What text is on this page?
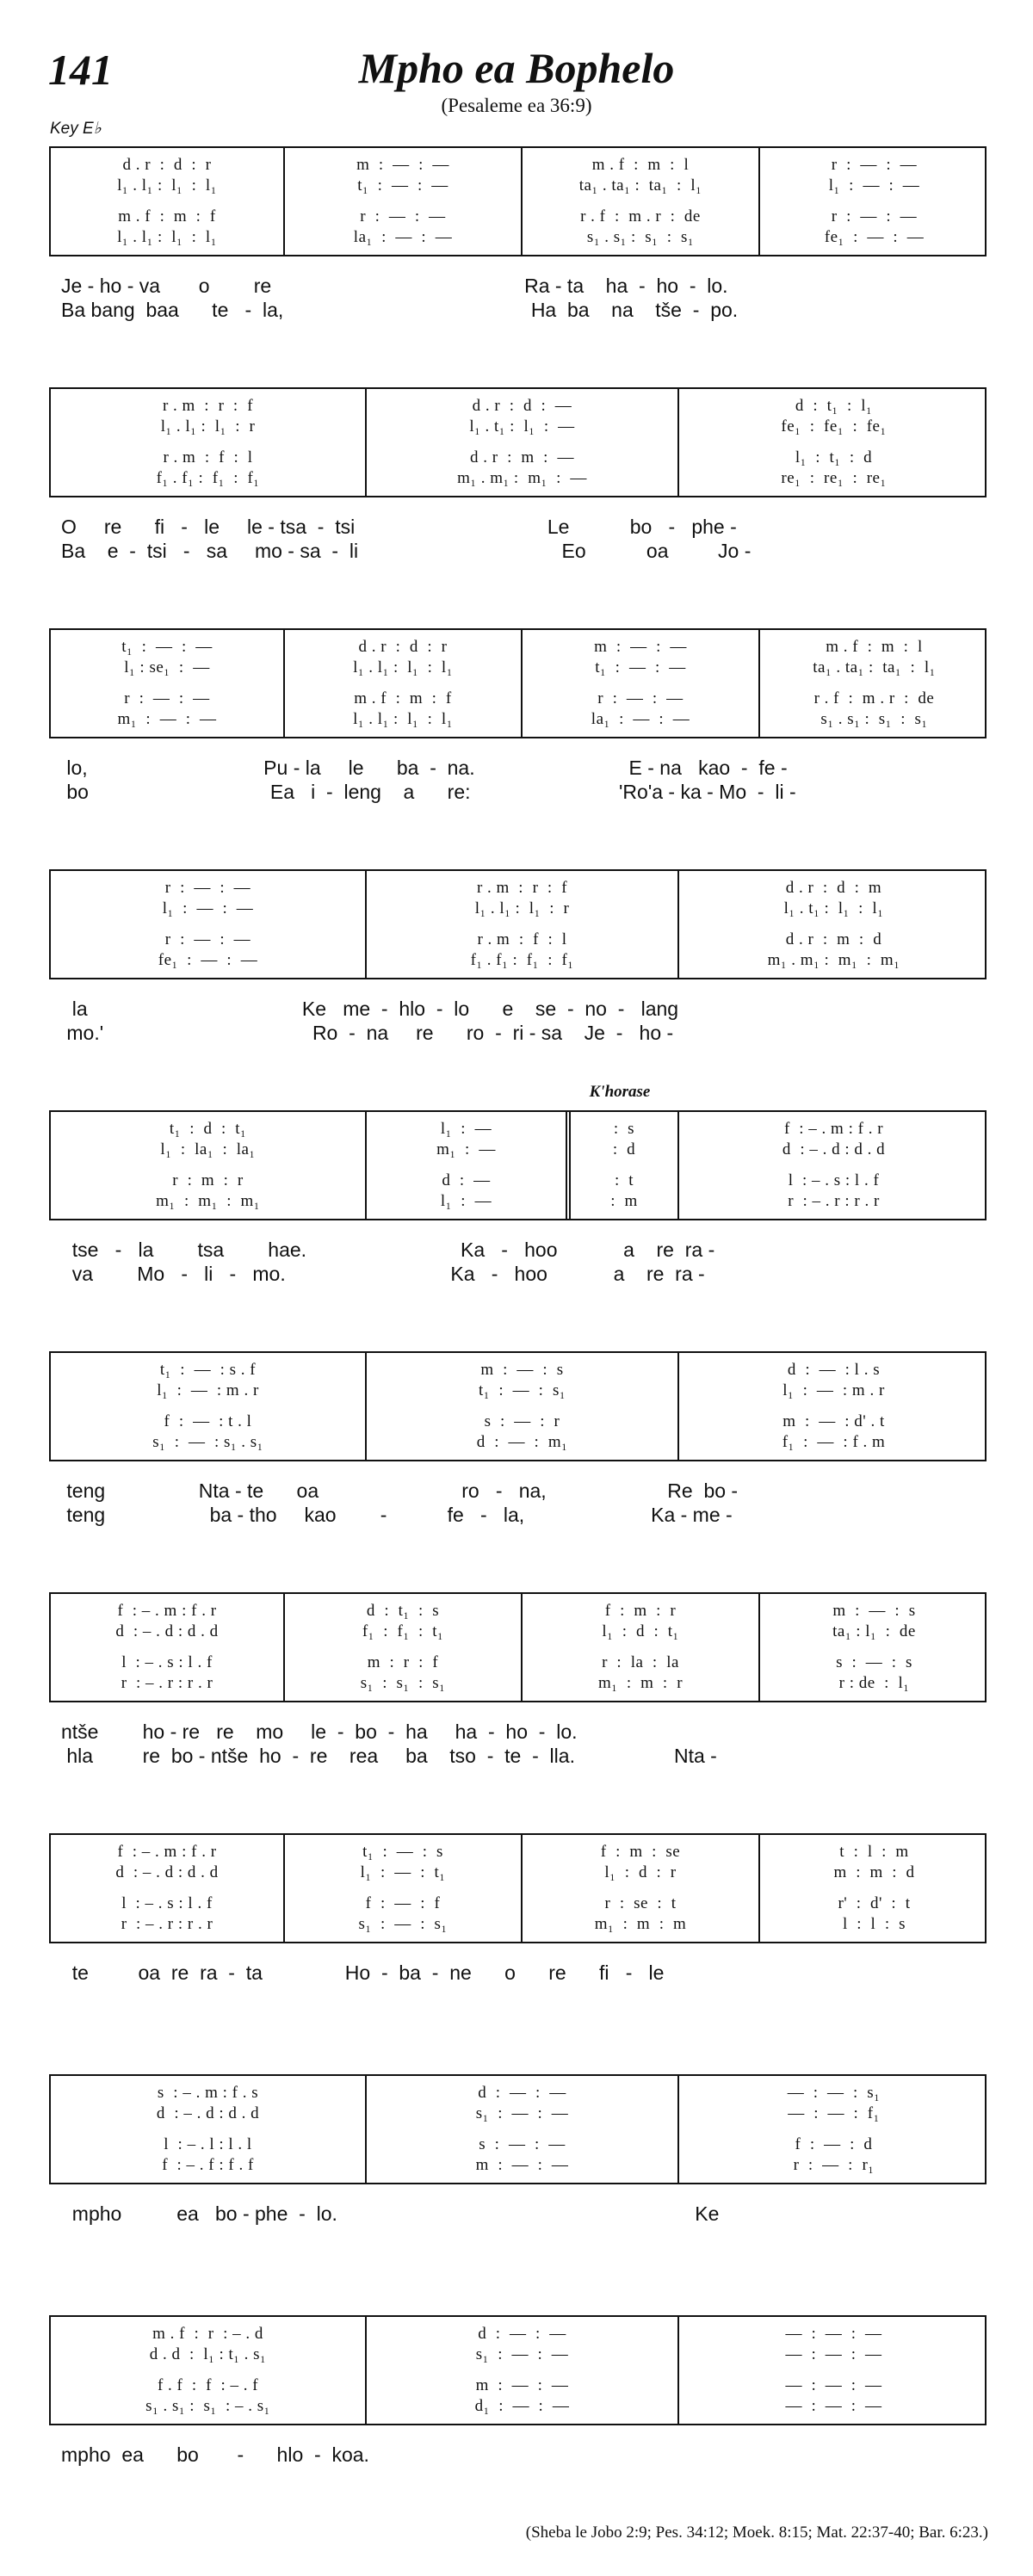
141	Mpho ea Bophelo
(Pesaleme ea 36:9)
Key E♭
K'horase
d . r  :  d  :  r
l₁ . l₁ :  l₁  :  l₁
m . f  :  m  :  f
l₁ . l₁ :  l₁  :  l₁
m  :  —  :  —
t₁  :  —  :  —
r  :  —  :  —
la₁  :  —  :  —
m . f  :  m  :  l
ta₁ . ta₁ :  ta₁  :  l₁
r . f  :  m . r  :  de
s₁ . s₁ :  s₁  :  s₁
r  :  —  :  —
l₁  :  —  :  —
r  :  —  :  —
fe₁  :  —  :  —
Je - ho - va       o        re                                              Ra - ta    ha  -  ho  -  lo.
Ba bang  baa      te   -  la,                                             Ha  ba    na    tše  -  po.
r . m  :  r  :  f
l₁ . l₁ :  l₁  :  r
r . m  :  f  :  l
f₁ . f₁ :  f₁  :  f₁
d . r  :  d  :  —
l₁ . t₁ :  l₁  :  —
d . r  :  m  :  —
m₁ . m₁ :  m₁  :  —
d  :  t₁  :  l₁
fe₁  :  fe₁  :  fe₁
l₁  :  t₁  :  d
re₁  :  re₁  :  re₁
O     re      fi   -   le     le - tsa  -  tsi                                   Le           bo   -   phe -
Ba    e  -  tsi   -   sa     mo - sa  -  li                                     Eo           oa         Jo -
t₁  :  —  :  —
l₁ : se₁  :  —
r  :  —  :  —
m₁  :  —  :  —
d . r  :  d  :  r
l₁ . l₁ :  l₁  :  l₁
m . f  :  m  :  f
l₁ . l₁ :  l₁  :  l₁
m  :  —  :  —
t₁  :  —  :  —
r  :  —  :  —
la₁  :  —  :  —
m . f  :  m  :  l
ta₁ . ta₁ :  ta₁  :  l₁
r . f  :  m . r  :  de
s₁ . s₁ :  s₁  :  s₁
lo,                                Pu - la     le      ba  -  na.                            E - na   kao  -  fe -
bo                                 Ea   i  -  leng    a      re:                           'Ro'a - ka - Mo  -  li -
r  :  —  :  —
l₁  :  —  :  —
r  :  —  :  —
fe₁  :  —  :  —
r . m  :  r  :  f
l₁ . l₁ :  l₁  :  r
r . m  :  f  :  l
f₁ . f₁ :  f₁  :  f₁
d . r  :  d  :  m
l₁ . t₁ :  l₁  :  l₁
d . r  :  m  :  d
m₁ . m₁ :  m₁  :  m₁
la                                       Ke   me  -  hlo  -  lo      e    se  -  no  -   lang
mo.'                                      Ro  -  na     re      ro  -  ri - sa    Je  -   ho -
t₁  :  d  :  t₁
l₁  :  la₁  :  la₁
r  :  m  :  r
m₁  :  m₁  :  m₁
l₁  :  —
m₁  :  —
d  :  —
l₁  :  —
:  s
:  d
:  t
:  m
f  : – . m : f . r
d  : – . d : d . d
l  : – . s : l . f
r  : – . r : r . r
tse   -   la        tsa        hae.                            Ka   -   hoo            a    re  ra -
va        Mo   -   li   -   mo.                              Ka   -   hoo            a    re  ra -
t₁  :  —  : s . f
l₁  :  —  : m . r
f  :  —  : t . l
s₁  :  —  : s₁ . s₁
m  :  —  :  s
t₁  :  —  :  s₁
s  :  —  :  r
d  :  —  :  m₁
d  :  —  : l . s
l₁  :  —  : m . r
m  :  —  : d' . t
f₁  :  —  : f . m
teng                 Nta - te      oa                          ro   -   na,                      Re  bo -
teng                   ba - tho     kao        -           fe   -   la,                       Ka - me -
f  : – . m : f . r
d  : – . d : d . d
l  : – . s : l . f
r  : – . r : r . r
d  :  t₁  :  s
f₁  :  f₁  :  t₁
m  :  r  :  f
s₁  :  s₁  :  s₁
f  :  m  :  r
l₁  :  d  :  t₁
r  :  la  :  la
m₁  :  m  :  r
m  :  —  :  s
ta₁ : l₁  :  de
s  :  —  :  s
r : de  :  l₁
ntše        ho - re   re    mo     le  -  bo  -  ha     ha  -  ho  -  lo.
hla         re  bo - ntše  ho  -  re    rea     ba    tso  -  te  -  lla.                  Nta -
f  : – . m : f . r
d  : – . d : d . d
l  : – . s : l . f
r  : – . r : r . r
t₁  :  —  :  s
l₁  :  —  :  t₁
f  :  —  :  f
s₁  :  —  :  s₁
f  :  m  :  se
l₁  :  d  :  r
r  :  se  :  t
m₁  :  m  :  m
t  :  l  :  m
m  :  m  :  d
r'  :  d'  :  t
l  :  l  :  s
te         oa  re  ra  -  ta               Ho  -  ba  -  ne      o      re      fi   -   le
s  : – . m : f . s
d  : – . d : d . d
l  : – . l : l . l
f  : – . f : f . f
d  :  —  :  —
s₁  :  —  :  —
s  :  —  :  —
m  :  —  :  —
—  :  —  :  s₁
—  :  —  :  f₁
f  :  —  :  d
r  :  —  :  r₁
mpho          ea   bo - phe  -  lo.                                                                 Ke
m . f  :  r  : – . d
d . d  :  l₁ : t₁ . s₁
f . f  :  f  : – . f
s₁ . s₁ :  s₁  : – . s₁
d  :  —  :  —
s₁  :  —  :  —
m  :  —  :  —
d₁  :  —  :  —
—  :  —  :  —
—  :  —  :  —
—  :  —  :  —
—  :  —  :  —
mpho  ea      bo       -      hlo  -  koa.
(Sheba le Jobo 2:9; Pes. 34:12; Moek. 8:15; Mat. 22:37-40; Bar. 6:23.)
